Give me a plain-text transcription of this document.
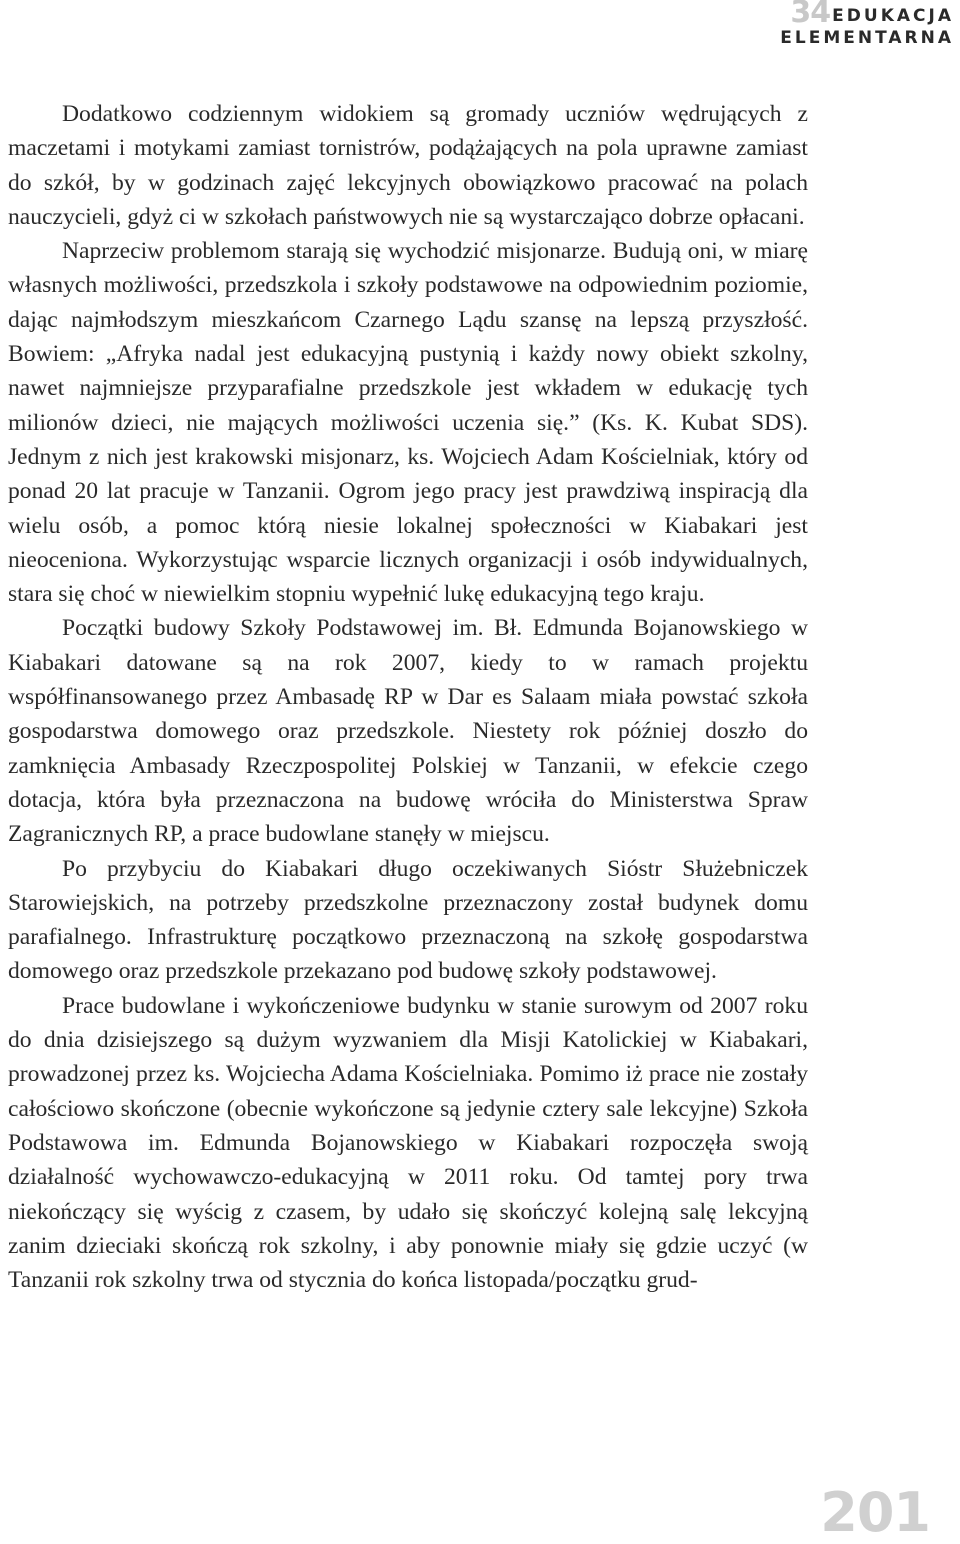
34 EDUKACJA
ELEMENTARNA

Dodatkowo codziennym widokiem są gromady uczniów wędrujących z maczetami i motykami zamiast tornistrów, podążających na pola uprawne zamiast do szkół, by w godzinach zajęć lekcyjnych obowiązkowo pracować na polach nauczycieli, gdyż ci w szkołach państwowych nie są wystarczająco dobrze opłacani.

Naprzeciw problemom starają się wychodzić misjonarze. Budują oni, w miarę własnych możliwości, przedszkola i szkoły podstawowe na odpowiednim poziomie, dając najmłodszym mieszkańcom Czarnego Lądu szansę na lepszą przyszłość. Bowiem: „Afryka nadal jest edukacyjną pustynią i każdy nowy obiekt szkolny, nawet najmniejsze przyparafialne przedszkole jest wkładem w edukację tych milionów dzieci, nie mających możliwości uczenia się.” (Ks. K. Kubat SDS). Jednym z nich jest krakowski misjonarz, ks. Wojciech Adam Kościelniak, który od ponad 20 lat pracuje w Tanzanii. Ogrom jego pracy jest prawdziwą inspiracją dla wielu osób, a pomoc którą niesie lokalnej społeczności w Kiabakari jest nieoceniona. Wykorzystując wsparcie licznych organizacji i osób indywidualnych, stara się choć w niewielkim stopniu wypełnić lukę edukacyjną tego kraju.

Początki budowy Szkoły Podstawowej im. Bł. Edmunda Bojanowskiego w Kiabakari datowane są na rok 2007, kiedy to w ramach projektu współfinansowanego przez Ambasadę RP w Dar es Salaam miała powstać szkoła gospodarstwa domowego oraz przedszkole. Niestety rok później doszło do zamknięcia Ambasady Rzeczpospolitej Polskiej w Tanzanii, w efekcie czego dotacja, która była przeznaczona na budowę wróciła do Ministerstwa Spraw Zagranicznych RP, a prace budowlane stanęły w miejscu.

Po przybyciu do Kiabakari długo oczekiwanych Sióstr Służebniczek Starowiejskich, na potrzeby przedszkolne przeznaczony został budynek domu parafialnego. Infrastrukturę początkowo przeznaczoną na szkołę gospodarstwa domowego oraz przedszkole przekazano pod budowę szkoły podstawowej.

Prace budowlane i wykończeniowe budynku w stanie surowym od 2007 roku do dnia dzisiejszego są dużym wyzwaniem dla Misji Katolickiej w Kiabakari, prowadzonej przez ks. Wojciecha Adama Kościelniaka. Pomimo iż prace nie zostały całościowo skończone (obecnie wykończone są jedynie cztery sale lekcyjne) Szkoła Podstawowa im. Edmunda Bojanowskiego w Kiabakari rozpoczęła swoją działalność wychowawczo-edukacyjną w 2011 roku. Od tamtej pory trwa niekończący się wyścig z czasem, by udało się skończyć kolejną salę lekcyjną zanim dzieciaki skończą rok szkolny, i aby ponownie miały się gdzie uczyć (w Tanzanii rok szkolny trwa od stycznia do końca listopada/początku grud-

201
